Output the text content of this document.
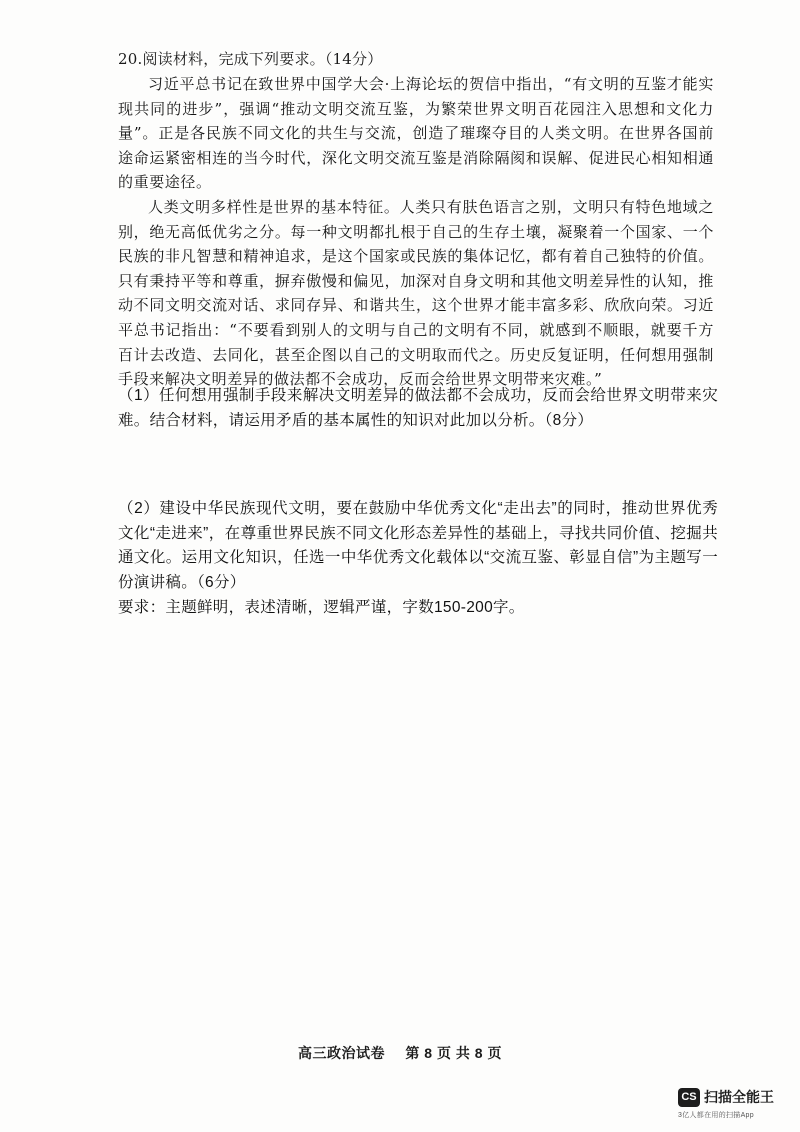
20.阅读材料，完成下列要求。（14分）

习近平总书记在致世界中国学大会·上海论坛的贺信中指出，“有文明的互鉴才能实现共同的进步”，强调“推动文明交流互鉴，为繁荣世界文明百花园注入思想和文化力量”。正是各民族不同文化的共生与交流，创造了璀璨夺目的人类文明。在世界各国前途命运紧密相连的当今时代，深化文明交流互鉴是消除隔阂和误解、促进民心相知相通的重要途径。

人类文明多样性是世界的基本特征。人类只有肤色语言之别，文明只有特色地域之别，绝无高低优劣之分。每一种文明都扎根于自己的生存土壤，凝聚着一个国家、一个民族的非凡智慧和精神追求，是这个国家或民族的集体记忆，都有着自己独特的价值。只有秉持平等和尊重，摒弃傲慢和偏见，加深对自身文明和其他文明差异性的认知，推动不同文明交流对话、求同存异、和谐共生，这个世界才能丰富多彩、欣欣向荣。习近平总书记指出：“不要看到别人的文明与自己的文明有不同，就感到不顺眼，就要千方百计去改造、去同化，甚至企图以自己的文明取而代之。历史反复证明，任何想用强制手段来解决文明差异的做法都不会成功，反而会给世界文明带来灾难。”

（1）任何想用强制手段来解决文明差异的做法都不会成功，反而会给世界文明带来灾难。结合材料，请运用矛盾的基本属性的知识对此加以分析。（8分）

（2）建设中华民族现代文明，要在鼓励中华优秀文化“走出去”的同时，推动世界优秀文化“走进来”，在尊重世界民族不同文化形态差异性的基础上，寻找共同价值、挖掘共通文化。运用文化知识，任选一中华优秀文化载体以“交流互鉴、彰显自信”为主题写一份演讲稿。（6分）

要求：主题鲜明，表述清晰，逻辑严谨，字数150-200字。
高三政治试卷 第 8 页 共 8 页
CS 扫描全能王
3亿人都在用的扫描App
